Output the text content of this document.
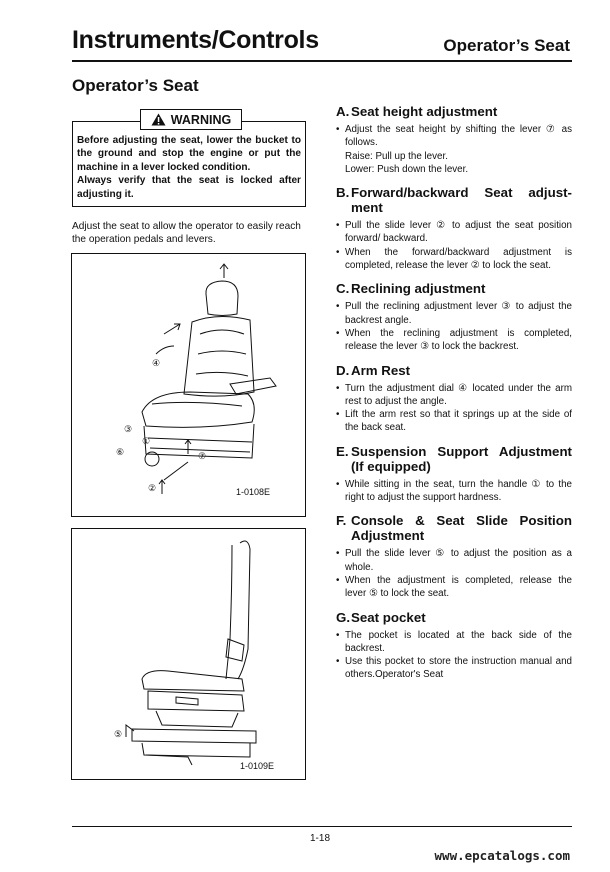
Instruments/Controls	Operator’s Seat
Operator’s Seat

Before adjusting the seat, lower the bucket to the ground and stop the engine or put the machine in a lever locked condition.

Always verify that the seat is locked after adjusting it.

WARNING
Adjust the seat to allow the operator to easily reach the operation pedals and levers.
④
③
①
⑥	⑦
②	1-0108E
⑤
1-0109E
A. Seat height adjustment
• Adjust the seat height by shifting the lever ⑦ as follows.
Raise: Pull up the lever.
Lower: Push down the lever.
B. Forward/backward Seat adjust-
ment
• Pull the slide lever ② to adjust the seat position forward/ backward.
• When the forward/backward adjustment is completed, release the lever ② to lock the seat.
C. Reclining adjustment
• Pull the reclining adjustment lever ③ to adjust the backrest angle.
• When the reclining adjustment is completed, release the lever ③ to lock the backrest.
D. Arm Rest
• Turn the adjustment dial ④ located under the arm rest to adjust the angle.
• Lift the arm rest so that it springs up at the side of the back seat.
E. Suspension Support Adjustment
(If equipped)
• While sitting in the seat, turn the handle ① to the right to adjust the support hardness.
F. Console & Seat Slide Position
Adjustment
• Pull the slide lever ⑤ to adjust the position as a whole.
• When the adjustment is completed, release the lever ⑤ to lock the seat.
G. Seat pocket
• The pocket is located at the back side of the backrest.
• Use this pocket to store the instruction manual and others.Operator's Seat
1-18
www.epcatalogs.com
